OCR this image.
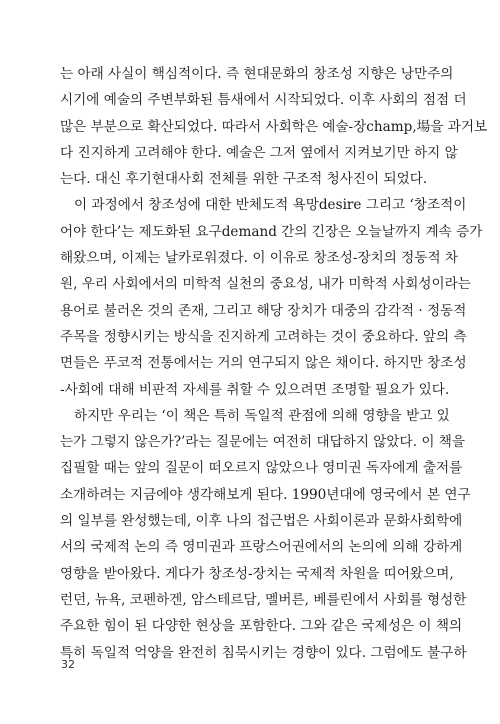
는 아래 사실이 핵심적이다. 즉 현대문화의 창조성 지향은 낭만주의
시기에 예술의 주변부화된 틈새에서 시작되었다. 이후 사회의 점점 더
많은 부분으로 확산되었다. 따라서 사회학은 예술-장champ,場을 과거보
다 진지하게 고려해야 한다. 예술은 그저 옆에서 지켜보기만 하지 않
는다. 대신 후기현대사회 전체를 위한 구조적 청사진이 되었다.
이 과정에서 창조성에 대한 반체도적 욕망desire 그리고 ‘창조적이
어야 한다’는 제도화된 요구demand 간의 긴장은 오늘날까지 계속 증가
해왔으며, 이제는 날카로워졌다. 이 이유로 창조성-장치의 정동적 차
원, 우리 사회에서의 미학적 실천의 중요성, 내가 미학적 사회성이라는
용어로 불러온 것의 존재, 그리고 해당 장치가 대중의 감각적 · 정동적
주목을 정향시키는 방식을 진지하게 고려하는 것이 중요하다. 앞의 측
면들은 푸코적 전통에서는 거의 연구되지 않은 채이다. 하지만 창조성
-사회에 대해 비판적 자세를 취할 수 있으려면 조명할 필요가 있다.
하지만 우리는 ‘이 책은 특히 독일적 관점에 의해 영향을 받고 있
는가 그렇지 않은가?’라는 질문에는 여전히 대답하지 않았다. 이 책을
집필할 때는 앞의 질문이 떠오르지 않았으나 영미권 독자에게 출저를
소개하려는 지금에야 생각해보게 된다. 1990년대에 영국에서 본 연구
의 일부를 완성했는데, 이후 나의 접근법은 사회이론과 문화사회학에
서의 국제적 논의 즉 영미권과 프랑스어권에서의 논의에 의해 강하게
영향을 받아왔다. 게다가 창조성-장치는 국제적 차원을 띠어왔으며,
런던, 뉴욕, 코펜하겐, 암스테르담, 멜버른, 베를린에서 사회를 형성한
주요한 힘이 된 다양한 현상을 포함한다. 그와 같은 국제성은 이 책의
특히 독일적 억양을 완전히 침묵시키는 경향이 있다. 그럼에도 불구하
32
